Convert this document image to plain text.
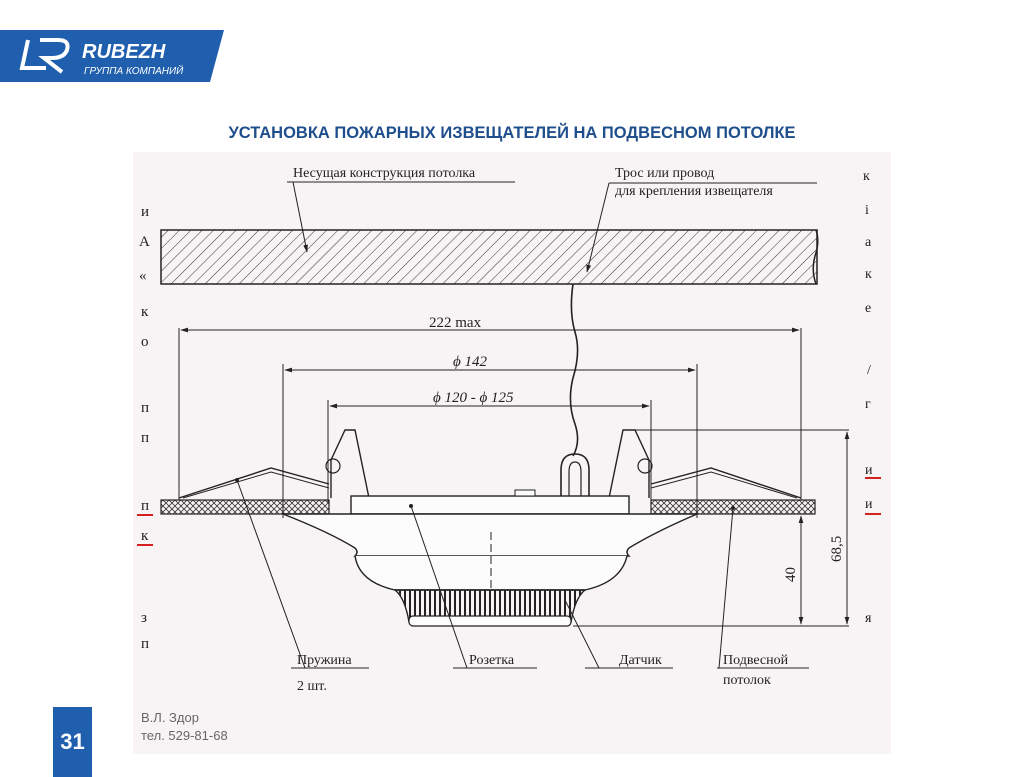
RUBEZH
ГРУППА КОМПАНИЙ
УСТАНОВКА ПОЖАРНЫХ ИЗВЕЩАТЕЛЕЙ НА ПОДВЕСНОМ ПОТОЛКЕ
и
А
«
к
о
п
п
п
к
з
п
к
і
а
к
е
/
г
и
и
я
Несущая конструкция потолка	Трос или провод
для крепления извещателя
222 max
ϕ 142
ϕ 120 - ϕ 125
40
68,5
Пружина
2 шт.
Розетка	Датчик	Подвесной
потолок
В.Л. Здор
тел. 529-81-68
31
